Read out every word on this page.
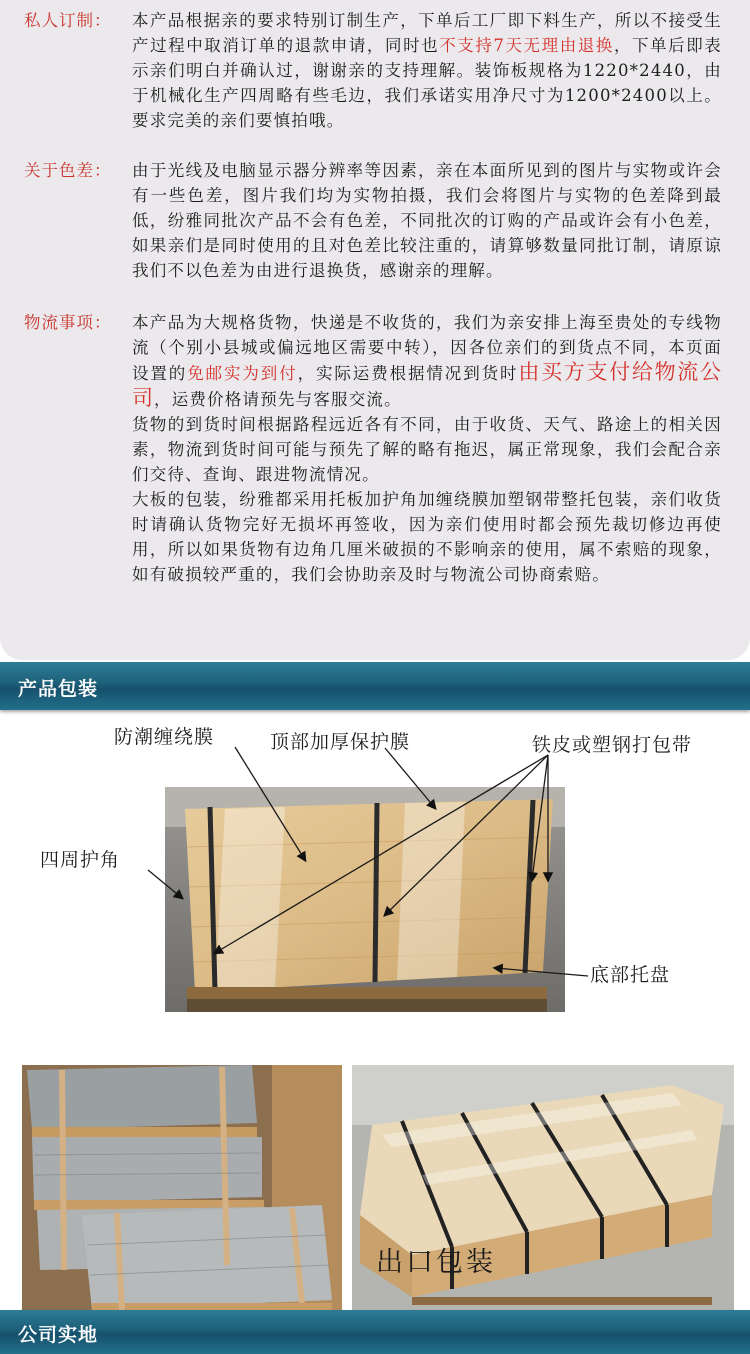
私人订制：	本产品根据亲的要求特别订制生产，下单后工厂即下料生产，所以不接受生产过程中取消订单的退款申请，同时也不支持7天无理由退换，下单后即表示亲们明白并确认过，谢谢亲的支持理解。装饰板规格为1220*2440，由于机械化生产四周略有些毛边，我们承诺实用净尺寸为1200*2400以上。要求完美的亲们要慎拍哦。
关于色差：	由于光线及电脑显示器分辨率等因素，亲在本面所见到的图片与实物或许会有一些色差，图片我们均为实物拍摄，我们会将图片与实物的色差降到最低，纷雅同批次产品不会有色差，不同批次的订购的产品或许会有小色差，如果亲们是同时使用的且对色差比较注重的，请算够数量同批订制，请原谅我们不以色差为由进行退换货，感谢亲的理解。
物流事项：	本产品为大规格货物，快递是不收货的，我们为亲安排上海至贵处的专线物流（个别小县城或偏远地区需要中转），因各位亲们的到货点不同，本页面设置的免邮实为到付，实际运费根据情况到货时由买方支付给物流公司，运费价格请预先与客服交流。
货物的到货时间根据路程远近各有不同，由于收货、天气、路途上的相关因素，物流到货时间可能与预先了解的略有拖迟，属正常现象，我们会配合亲们交待、查询、跟进物流情况。
大板的包装，纷雅都采用托板加护角加缠绕膜加塑钢带整托包装，亲们收货时请确认货物完好无损坏再签收，因为亲们使用时都会预先裁切修边再使用，所以如果货物有边角几厘米破损的不影响亲的使用，属不索赔的现象，如有破损较严重的，我们会协助亲及时与物流公司协商索赔。
产品包装
防潮缠绕膜	顶部加厚保护膜	铁皮或塑钢打包带
四周护角
底部托盘
出口包装
公司实地
